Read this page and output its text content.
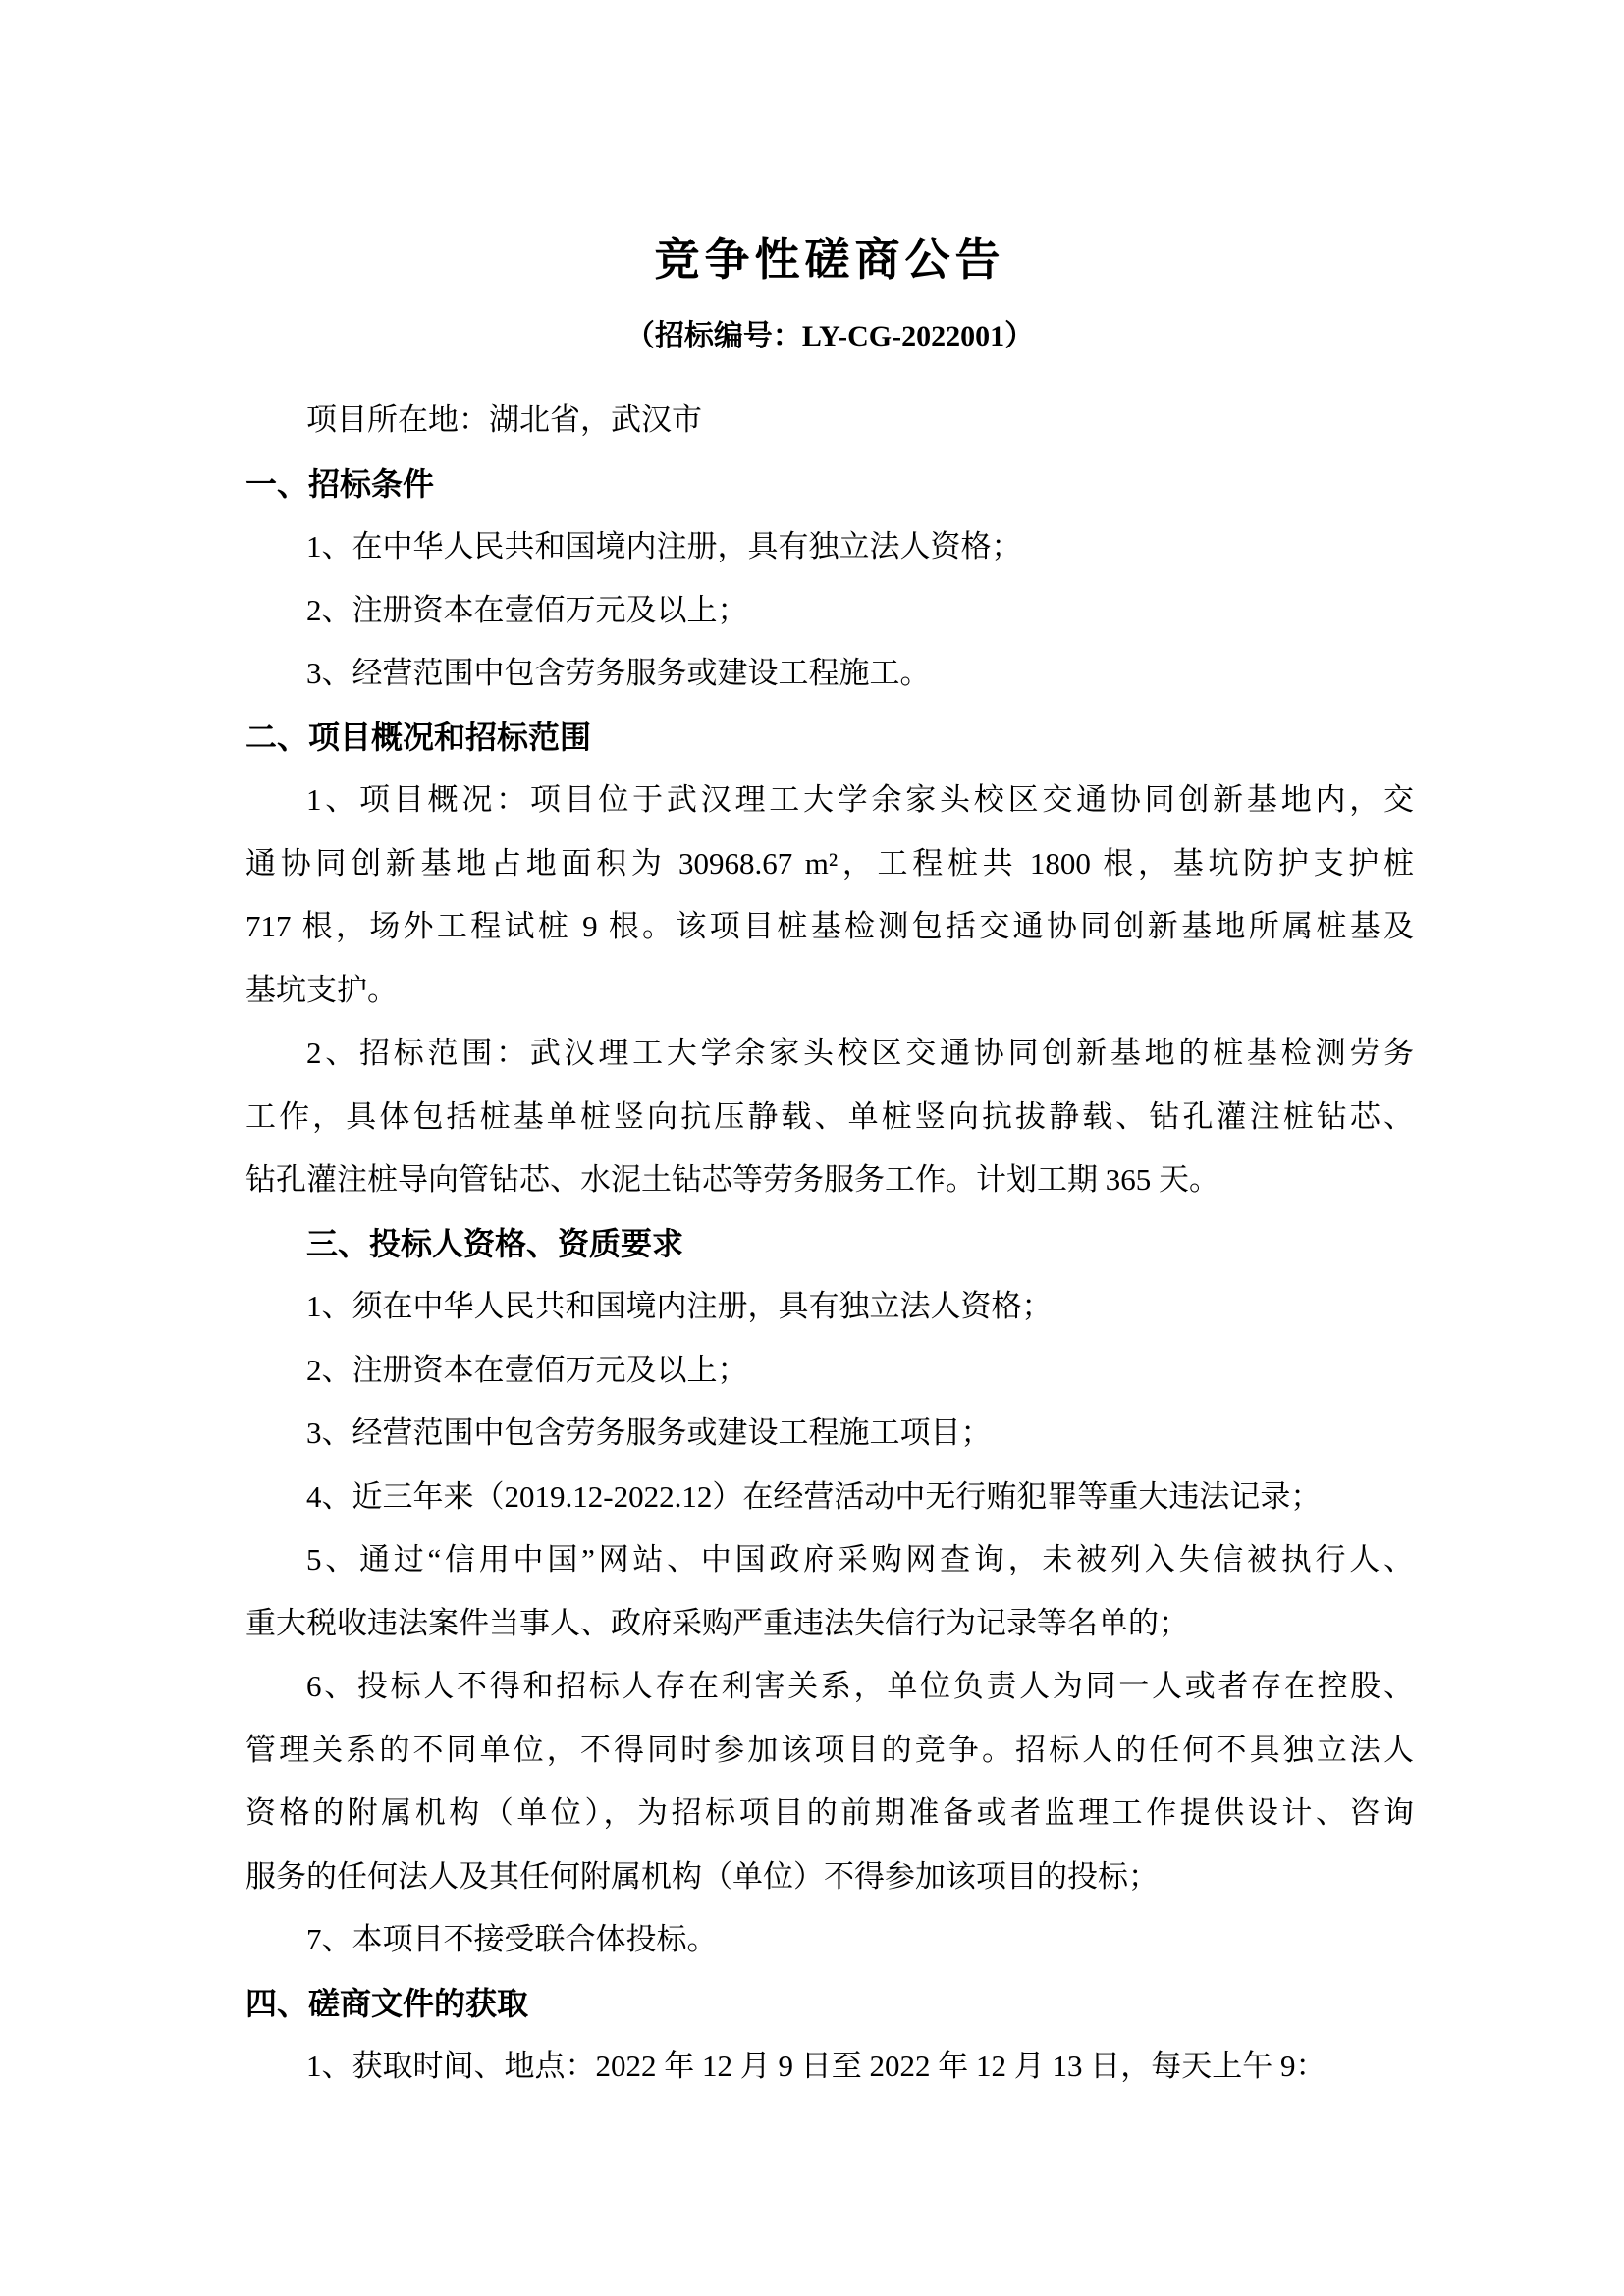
竞争性磋商公告
（招标编号：LY-CG-2022001）
项目所在地：湖北省，武汉市
一、招标条件
1、在中华人民共和国境内注册，具有独立法人资格；
2、注册资本在壹佰万元及以上；
3、经营范围中包含劳务服务或建设工程施工。
二、项目概况和招标范围
1、项目概况：项目位于武汉理工大学余家头校区交通协同创新基地内，交
通协同创新基地占地面积为 30968.67 m²，工程桩共 1800 根，基坑防护支护桩
717 根，场外工程试桩 9 根。该项目桩基检测包括交通协同创新基地所属桩基及
基坑支护。
2、招标范围：武汉理工大学余家头校区交通协同创新基地的桩基检测劳务
工作，具体包括桩基单桩竖向抗压静载、单桩竖向抗拔静载、钻孔灌注桩钻芯、
钻孔灌注桩导向管钻芯、水泥土钻芯等劳务服务工作。计划工期 365 天。
三、投标人资格、资质要求
1、须在中华人民共和国境内注册，具有独立法人资格；
2、注册资本在壹佰万元及以上；
3、经营范围中包含劳务服务或建设工程施工项目；
4、近三年来（2019.12-2022.12）在经营活动中无行贿犯罪等重大违法记录；
5、通过“信用中国”网站、中国政府采购网查询，未被列入失信被执行人、
重大税收违法案件当事人、政府采购严重违法失信行为记录等名单的；
6、投标人不得和招标人存在利害关系，单位负责人为同一人或者存在控股、
管理关系的不同单位，不得同时参加该项目的竞争。招标人的任何不具独立法人
资格的附属机构（单位），为招标项目的前期准备或者监理工作提供设计、咨询
服务的任何法人及其任何附属机构（单位）不得参加该项目的投标；
7、本项目不接受联合体投标。
四、磋商文件的获取
1、获取时间、地点：2022 年 12 月 9 日至 2022 年 12 月 13 日，每天上午 9：
